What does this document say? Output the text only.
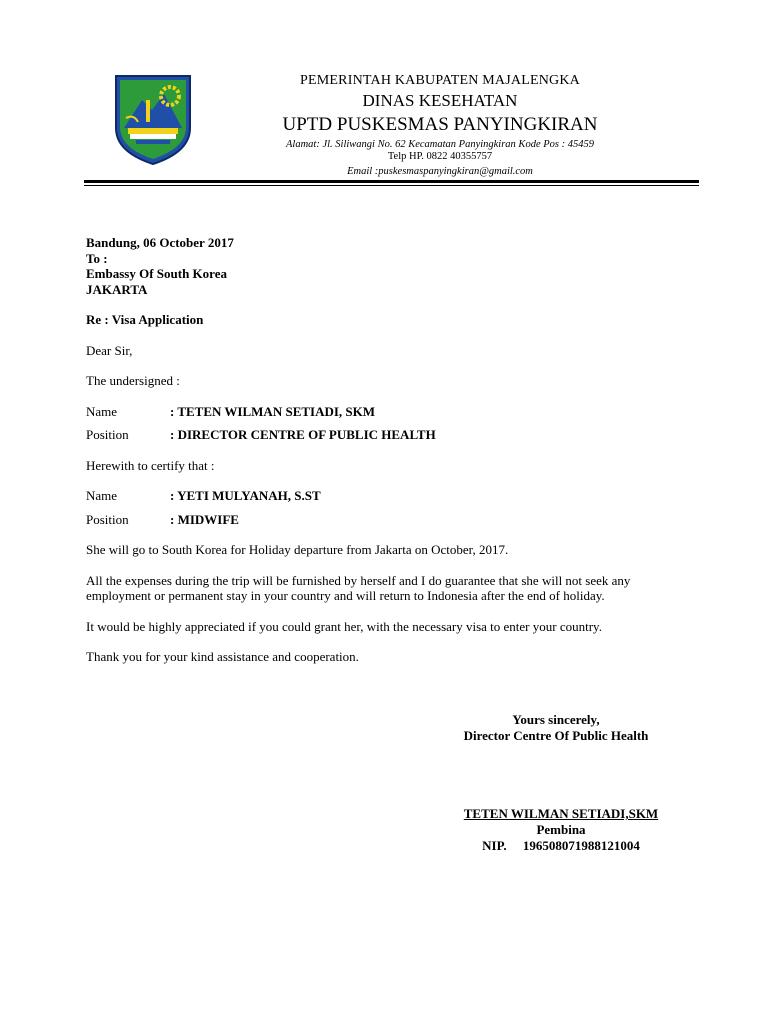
PEMERINTAH KABUPATEN MAJALENGKA
DINAS KESEHATAN
UPTD PUSKESMAS PANYINGKIRAN
Alamat: Jl. Siliwangi No. 62 Kecamatan Panyingkiran Kode Pos : 45459
Telp HP. 0822 40355757
Email :puskesmaspanyingkiran@gmail.com
Bandung, 06 October 2017
To :
Embassy Of South Korea
JAKARTA
Re : Visa Application
Dear Sir,
The undersigned :
Name	: TETEN WILMAN SETIADI, SKM
Position	: DIRECTOR CENTRE OF PUBLIC HEALTH
Herewith to certify that :
Name	: YETI MULYANAH, S.ST
Position	: MIDWIFE
She will go to South Korea for Holiday departure from Jakarta on October, 2017.
All the expenses during the trip will be furnished by herself and I do guarantee that she will not seek any
employment or permanent stay in your country and will return to Indonesia after the end of holiday.
It would be highly appreciated if you could grant her, with the necessary visa to enter your country.
Thank you for your kind assistance and cooperation.
Yours sincerely,
Director Centre Of Public Health
TETEN WILMAN SETIADI,SKM
Pembina
NIP. 196508071988121004
